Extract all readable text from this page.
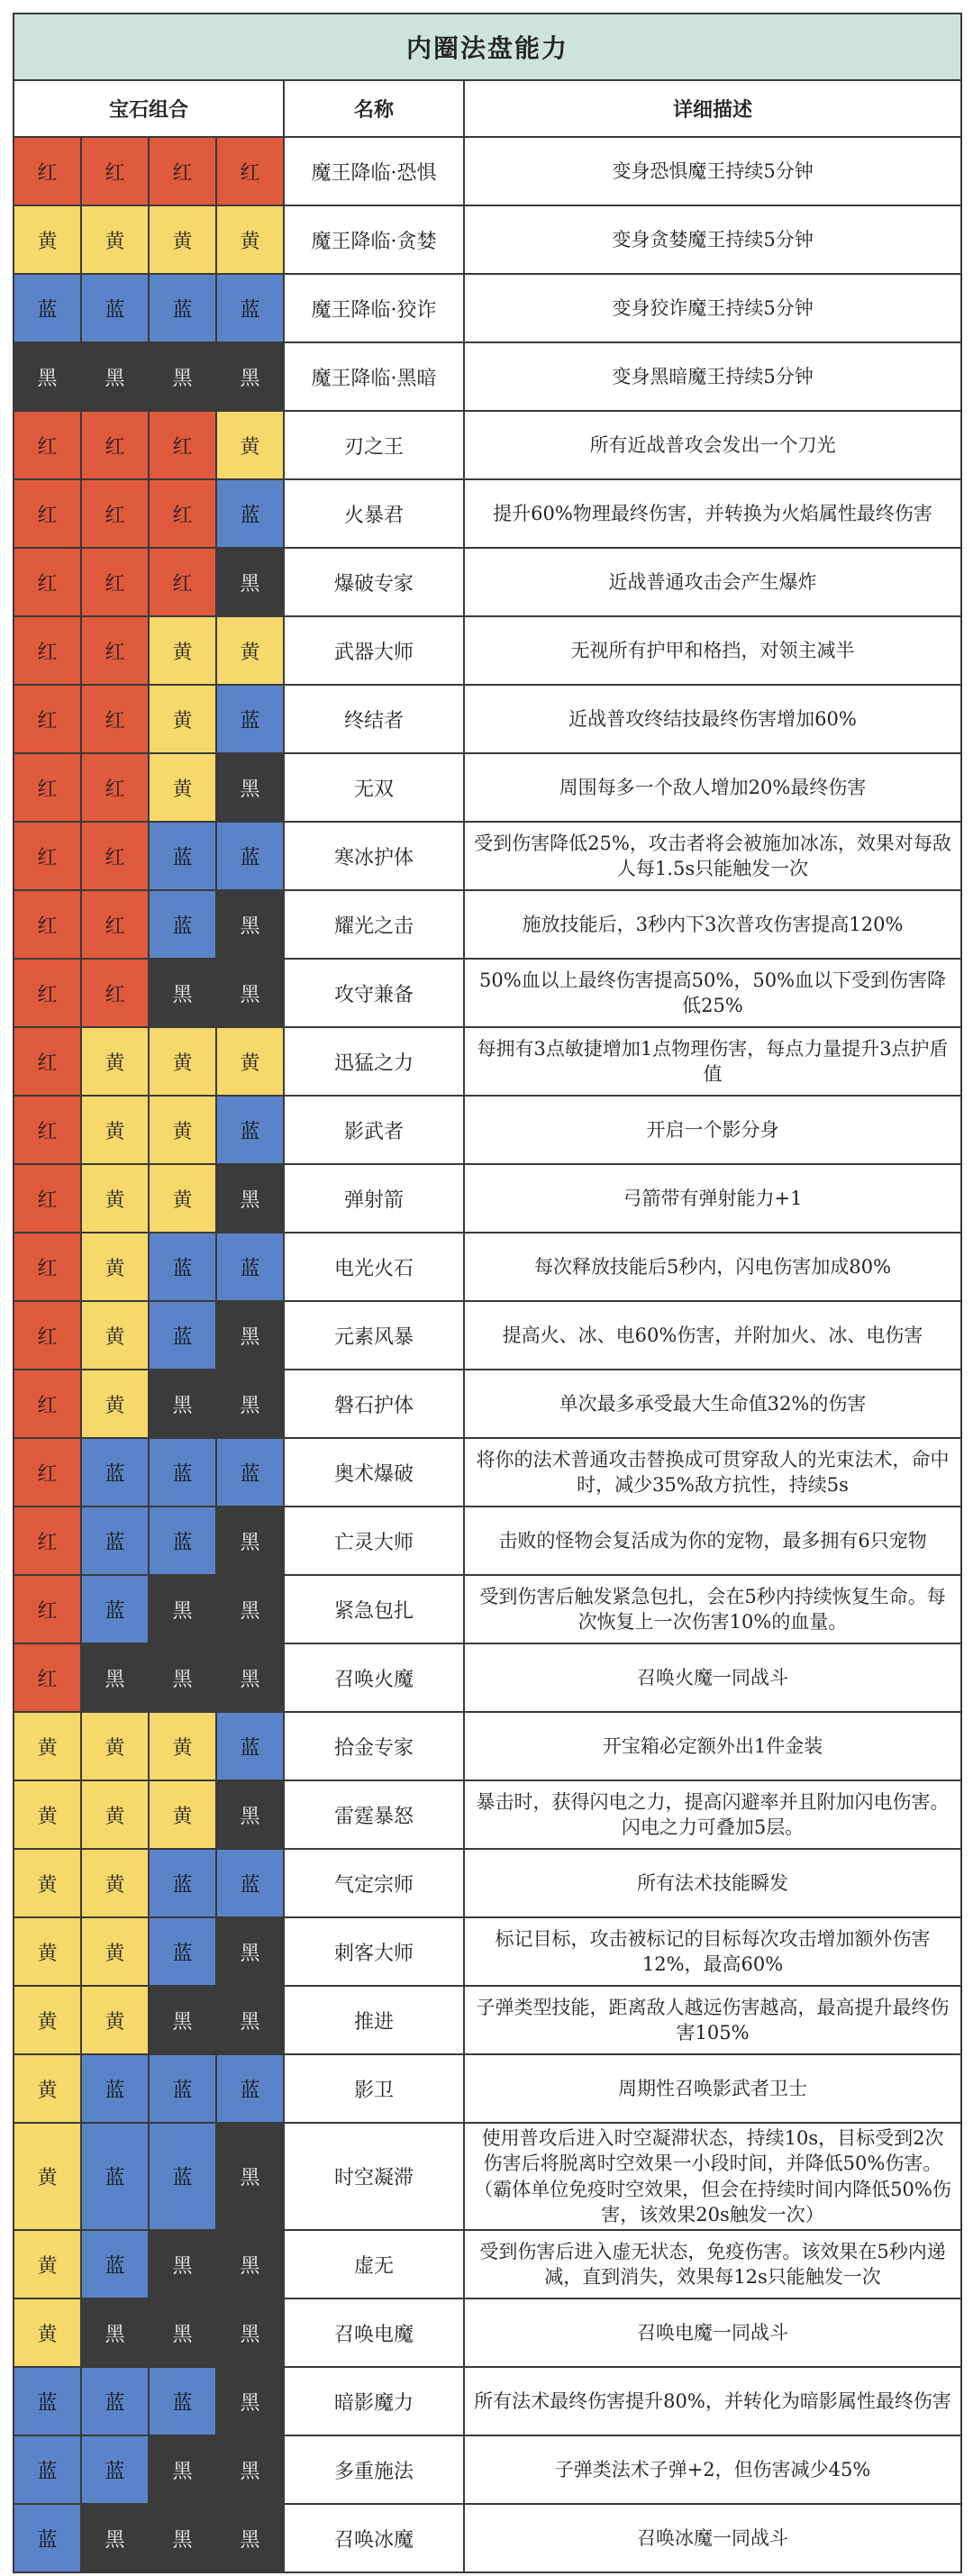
内圈法盘能力					
宝石组合				名称	详细描述
红	红	红	红	魔王降临·恐惧	变身恐惧魔王持续5分钟
黄	黄	黄	黄	魔王降临·贪婪	变身贪婪魔王持续5分钟
蓝	蓝	蓝	蓝	魔王降临·狡诈	变身狡诈魔王持续5分钟
黑	黑	黑	黑	魔王降临·黑暗	变身黑暗魔王持续5分钟
红	红	红	黄	刃之王	所有近战普攻会发出一个刀光
红	红	红	蓝	火暴君	提升60%物理最终伤害，并转换为火焰属性最终伤害
红	红	红	黑	爆破专家	近战普通攻击会产生爆炸
红	红	黄	黄	武器大师	无视所有护甲和格挡，对领主减半
红	红	黄	蓝	终结者	近战普攻终结技最终伤害增加60%
红	红	黄	黑	无双	周围每多一个敌人增加20%最终伤害
红	红	蓝	蓝	寒冰护体	受到伤害降低25%，攻击者将会被施加冰冻，效果对每敌人每1.5s只能触发一次
红	红	蓝	黑	耀光之击	施放技能后，3秒内下3次普攻伤害提高120%
红	红	黑	黑	攻守兼备	50%血以上最终伤害提高50%，50%血以下受到伤害降低25%
红	黄	黄	黄	迅猛之力	每拥有3点敏捷增加1点物理伤害，每点力量提升3点护盾值
红	黄	黄	蓝	影武者	开启一个影分身
红	黄	黄	黑	弹射箭	弓箭带有弹射能力+1
红	黄	蓝	蓝	电光火石	每次释放技能后5秒内，闪电伤害加成80%
红	黄	蓝	黑	元素风暴	提高火、冰、电60%伤害，并附加火、冰、电伤害
红	黄	黑	黑	磐石护体	单次最多承受最大生命值32%的伤害
红	蓝	蓝	蓝	奥术爆破	将你的法术普通攻击替换成可贯穿敌人的光束法术，命中时，减少35%敌方抗性，持续5s
红	蓝	蓝	黑	亡灵大师	击败的怪物会复活成为你的宠物，最多拥有6只宠物
红	蓝	黑	黑	紧急包扎	受到伤害后触发紧急包扎，会在5秒内持续恢复生命。每次恢复上一次伤害10%的血量。
红	黑	黑	黑	召唤火魔	召唤火魔一同战斗
黄	黄	黄	蓝	拾金专家	开宝箱必定额外出1件金装
黄	黄	黄	黑	雷霆暴怒	暴击时，获得闪电之力，提高闪避率并且附加闪电伤害。闪电之力可叠加5层。
黄	黄	蓝	蓝	气定宗师	所有法术技能瞬发
黄	黄	蓝	黑	刺客大师	标记目标，攻击被标记的目标每次攻击增加额外伤害12%，最高60%
黄	黄	黑	黑	推进	子弹类型技能，距离敌人越远伤害越高，最高提升最终伤害105%
黄	蓝	蓝	蓝	影卫	周期性召唤影武者卫士
黄	蓝	蓝	黑	时空凝滞	使用普攻后进入时空凝滞状态，持续10s，目标受到2次伤害后将脱离时空效果一小段时间，并降低50%伤害。（霸体单位免疫时空效果，但会在持续时间内降低50%伤害，该效果20s触发一次）
黄	蓝	黑	黑	虚无	受到伤害后进入虚无状态，免疫伤害。该效果在5秒内递减，直到消失，效果每12s只能触发一次
黄	黑	黑	黑	召唤电魔	召唤电魔一同战斗
蓝	蓝	蓝	黑	暗影魔力	所有法术最终伤害提升80%，并转化为暗影属性最终伤害
蓝	蓝	黑	黑	多重施法	子弹类法术子弹+2，但伤害减少45%
蓝	黑	黑	黑	召唤冰魔	召唤冰魔一同战斗
